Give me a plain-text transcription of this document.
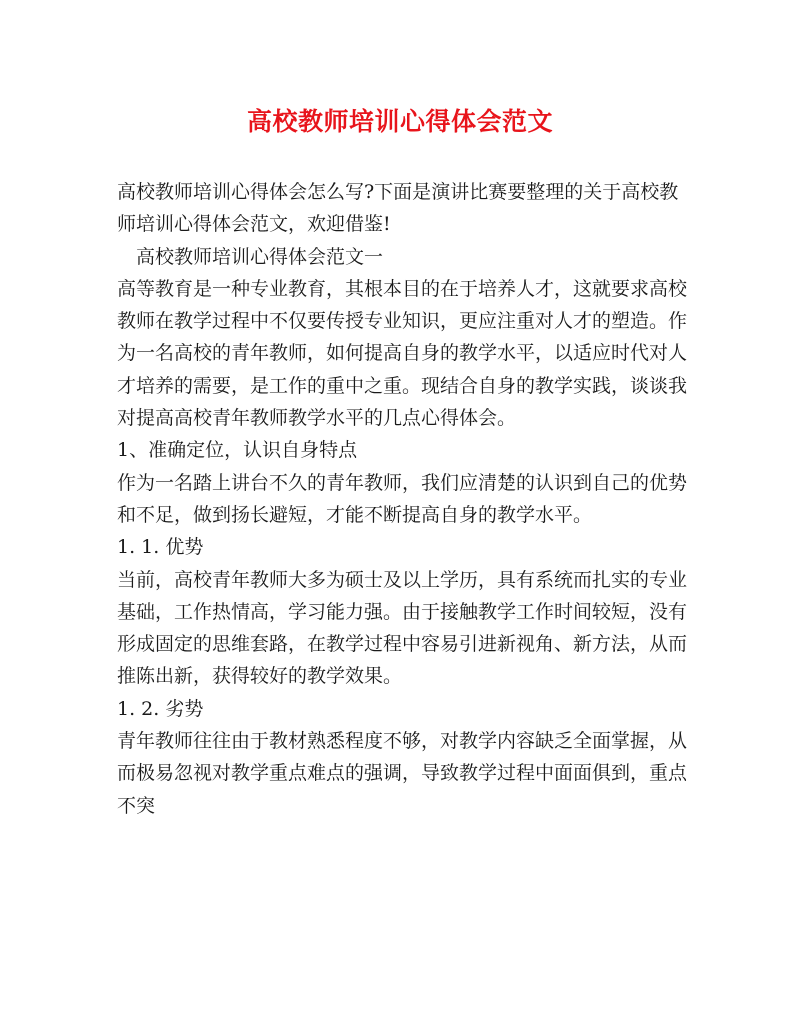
高校教师培训心得体会范文

高校教师培训心得体会怎么写?下面是演讲比赛要整理的关于高校教师培训心得体会范文，欢迎借鉴!

高校教师培训心得体会范文一

高等教育是一种专业教育，其根本目的在于培养人才，这就要求高校教师在教学过程中不仅要传授专业知识，更应注重对人才的塑造。作为一名高校的青年教师，如何提高自身的教学水平，以适应时代对人才培养的需要，是工作的重中之重。现结合自身的教学实践，谈谈我对提高高校青年教师教学水平的几点心得体会。

1、准确定位，认识自身特点

作为一名踏上讲台不久的青年教师，我们应清楚的认识到自己的优势和不足，做到扬长避短，才能不断提高自身的教学水平。

1. 1. 优势

当前，高校青年教师大多为硕士及以上学历，具有系统而扎实的专业基础，工作热情高，学习能力强。由于接触教学工作时间较短，没有形成固定的思维套路，在教学过程中容易引进新视角、新方法，从而推陈出新，获得较好的教学效果。

1. 2. 劣势

青年教师往往由于教材熟悉程度不够，对教学内容缺乏全面掌握，从而极易忽视对教学重点难点的强调，导致教学过程中面面俱到，重点不突
